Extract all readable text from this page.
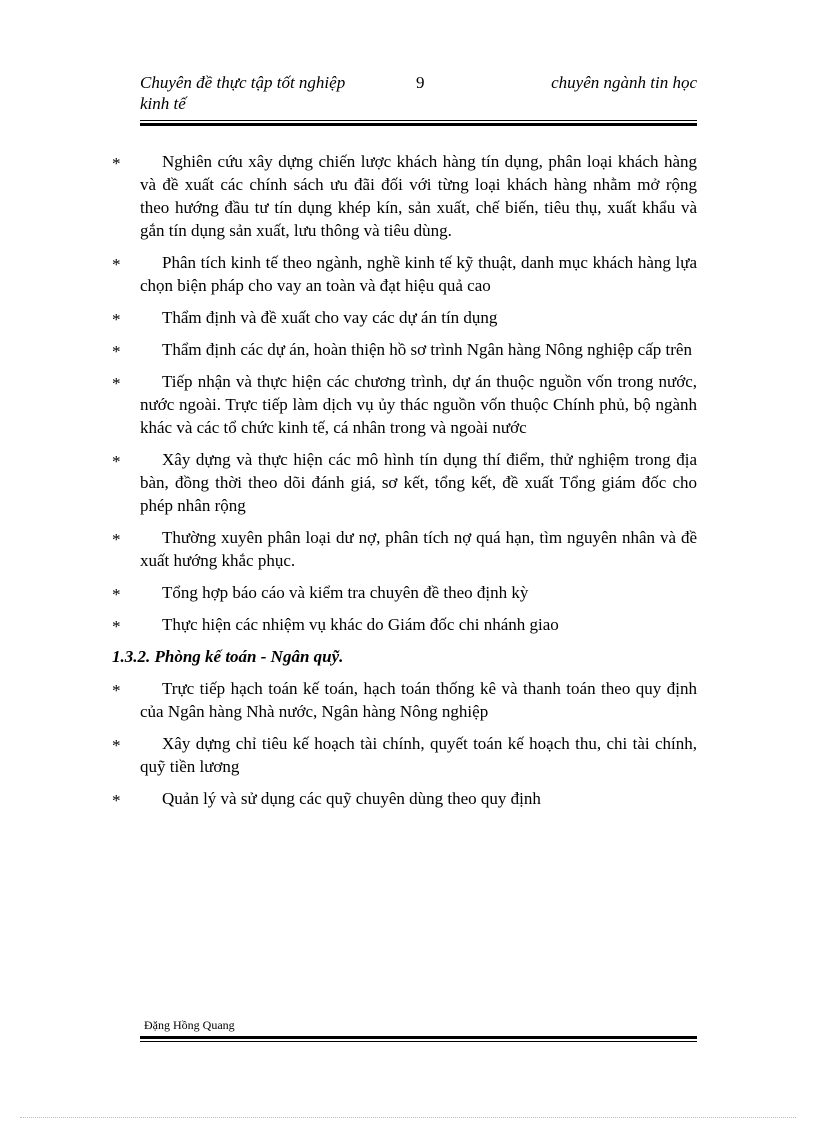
Chuyên đề thực tập tốt nghiệp
kinh tế
9	chuyên ngành tin học
*	Nghiên cứu xây dựng chiến lược khách hàng tín dụng, phân loại khách hàng và đề xuất các chính sách ưu đãi đối với từng loại khách hàng nhằm mở rộng theo hướng đầu tư tín dụng khép kín, sản xuất, chế biến, tiêu thụ, xuất khẩu và gắn tín dụng sản xuất, lưu thông và tiêu dùng.
*	Phân tích kinh tế theo ngành, nghề kinh tế kỹ thuật, danh mục khách hàng lựa chọn biện pháp cho vay an toàn và đạt hiệu quả cao
*	Thẩm định và đề xuất cho vay các dự án tín dụng
*	Thẩm định các dự án, hoàn thiện hồ sơ trình Ngân hàng Nông nghiệp cấp trên
*	Tiếp nhận và thực hiện các chương trình, dự án thuộc nguồn vốn trong nước, nước ngoài. Trực tiếp làm dịch vụ ủy thác nguồn vốn thuộc Chính phủ, bộ ngành khác và các tổ chức kinh tế, cá nhân trong và ngoài nước
*	Xây dựng và thực hiện các mô hình tín dụng thí điểm, thử nghiệm trong địa bàn, đồng thời theo dõi đánh giá, sơ kết, tổng kết, đề xuất Tổng giám đốc cho phép nhân rộng
*	Thường xuyên phân loại dư nợ, phân tích nợ quá hạn, tìm nguyên nhân và đề xuất hướng khắc phục.
*	Tổng hợp báo cáo và kiểm tra chuyên đề theo định kỳ
*	Thực hiện các nhiệm vụ khác do Giám đốc chi nhánh giao
1.3.2. Phòng kế toán - Ngân quỹ.
*	Trực tiếp hạch toán kế toán, hạch toán thống kê và thanh toán theo quy định của Ngân hàng Nhà nước, Ngân hàng Nông nghiệp
*	Xây dựng chỉ tiêu kế hoạch tài chính, quyết toán kế hoạch thu, chi tài chính, quỹ tiền lương
*	Quản lý và sử dụng các quỹ chuyên dùng theo quy định
Đặng Hồng Quang
